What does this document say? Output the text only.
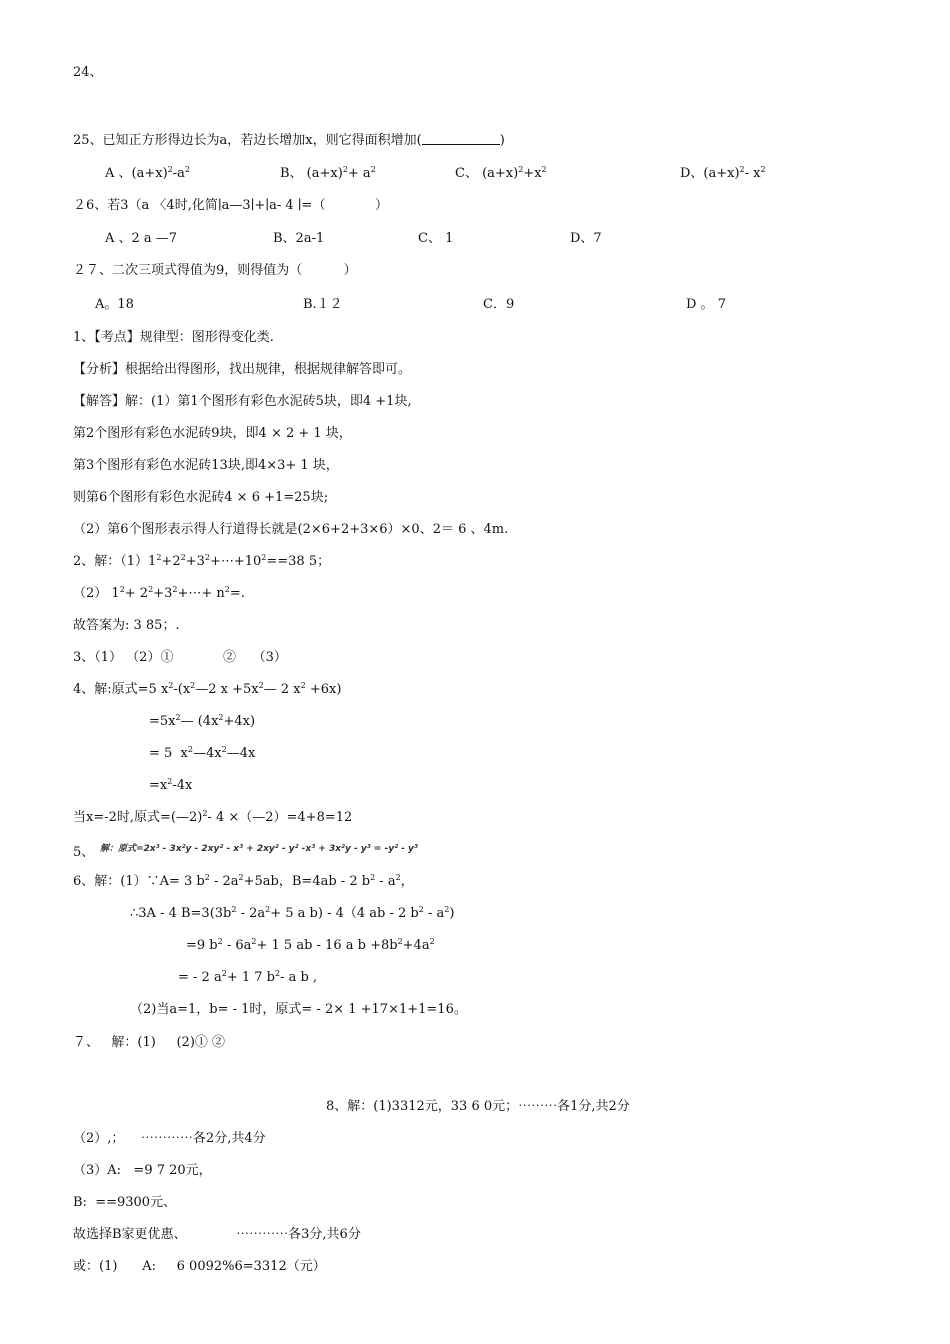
24、
25、已知正方形得边长为a，若边长增加x，则它得面积增加(	)
A 、$(a+x)^2-a^2$	B、 $(a+x)^2+ a^2$	C、 $(a+x)^2+x^2$	D、$(a+x)^2-$ $x^2$
２6、若3（a 〈4时,化简∣a—3∣+∣a- 4 ∣=（            ）
A 、2 a —7	B、2a-1	C、 1	D、7
２７、二次三项式得值为9，则得值为（          ）
A。18	B.１２	C．9	D 。 7
1、【考点】规律型：图形得变化类.
【分析】根据给出得图形，找出规律，根据规律解答即可。
【解答】解：(1）第1个图形有彩色水泥砖5块，即4 +1块,
第2个图形有彩色水泥砖9块，即4 × 2 + 1 块，
第3个图形有彩色水泥砖13块,即4×3+ 1 块，
则第6个图形有彩色水泥砖4 × 6 +1=25块;
（2）第6个图形表示得人行道得长就是(2×6+2+3×6）×0、2＝ 6 、4m.
2、解：$(1)1^2+2^2+3^2+\cdots+10^2==38$ 5；
（2） $1^2+$ $2^2+3^2+\cdots+ n^2=$.
故答案为: 3 85；.
3、（1） （2）①            ②    （3）
4、解:原式=5 $x^2-(x^2—2$ $x +5x^2—$ 2 $x^2 +6x$)
$=5x^2—$ $(4x^2+4x)$
= 5  $x^2—4x^2—4x$
$=x^2-4x$
当x=-2时,原式=(—2)$^2$- 4 ×（—2）=4+8=12
5、 解：原式=2x³ - 3x²y - 2xy² - x³ + 2xy² - y² -x³ + 3x²y - y³ = -y² - y³
6、解：(1）∵A= 3 $b^2 - 2a^2+5ab$，B=4ab - 2 $b^2 - a^2$，
∴3A - 4 $B=3(3b^2 - 2a^2+ 5$ a b) - 4（4 ab - 2 $b^2 - a^2$)
=9 $b^2 - 6a^2+ 1$ 5 ab - 16 a $b +8b^2+4a^2$
= - 2 $a^2+ 1$ 7 $b^2-$ a b ,
（2)当a=1，b= - 1时，原式= - 2× 1 +17×1+1=16。
７、   解：(1)     (2)① ②
8、解：(1)3312元，33 6 0元；⋯⋯⋯各1分,共2分
（2）,；    ⋯⋯⋯⋯各2分,共4分
（3）A:   =9 7 20元，
B:  ==9300元、
故选择B家更优惠、            ⋯⋯⋯⋯各3分,共6分
或：(1)      A:     6 0092%6=3312（元）
